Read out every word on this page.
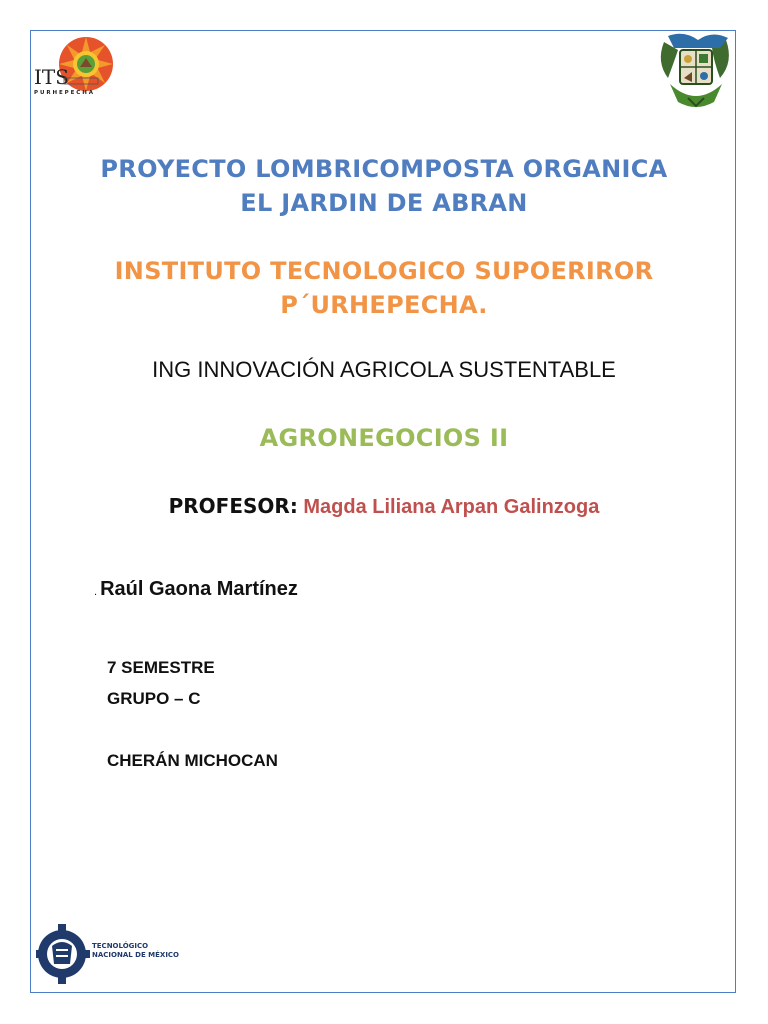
ITS
P U R H E P E C H A
PROYECTO LOMBRICOMPOSTA ORGANICA
EL JARDIN DE ABRAN
INSTITUTO TECNOLOGICO SUPOERIROR
P´URHEPECHA.
ING INNOVACIÓN AGRICOLA SUSTENTABLE
AGRONEGOCIOS II
PROFESOR: Magda Liliana Arpan Galinzoga
. Raúl Gaona Martínez
7 SEMESTRE
GRUPO – C
CHERÁN MICHOCAN
TECNOLÓGICO
NACIONAL DE MÉXICO
